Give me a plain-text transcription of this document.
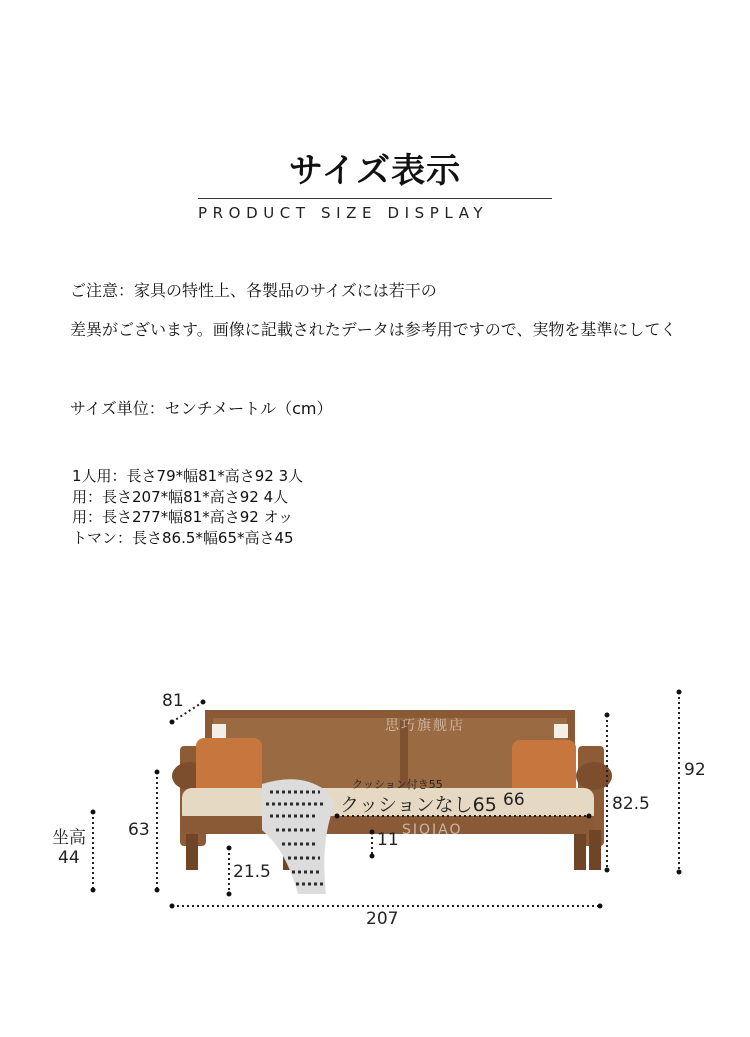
サイズ表示
PRODUCT SIZE DISPLAY
ご注意：家具の特性上、各製品のサイズには若干の
差異がございます。画像に記載されたデータは参考用ですので、実物を基準にしてく
サイズ単位：センチメートル（cm）
1人用：長さ79*幅81*高さ92 3人用：長さ207*幅81*高さ92 4人用：長さ277*幅81*高さ92 オットマン：長さ86.5*幅65*高さ45
思巧旗舰店
SIQIAO
思巧旗舰店
81
92
82.5
63
坐高
44
21.5
11
クッション付き55
クッションなし65 66
207
